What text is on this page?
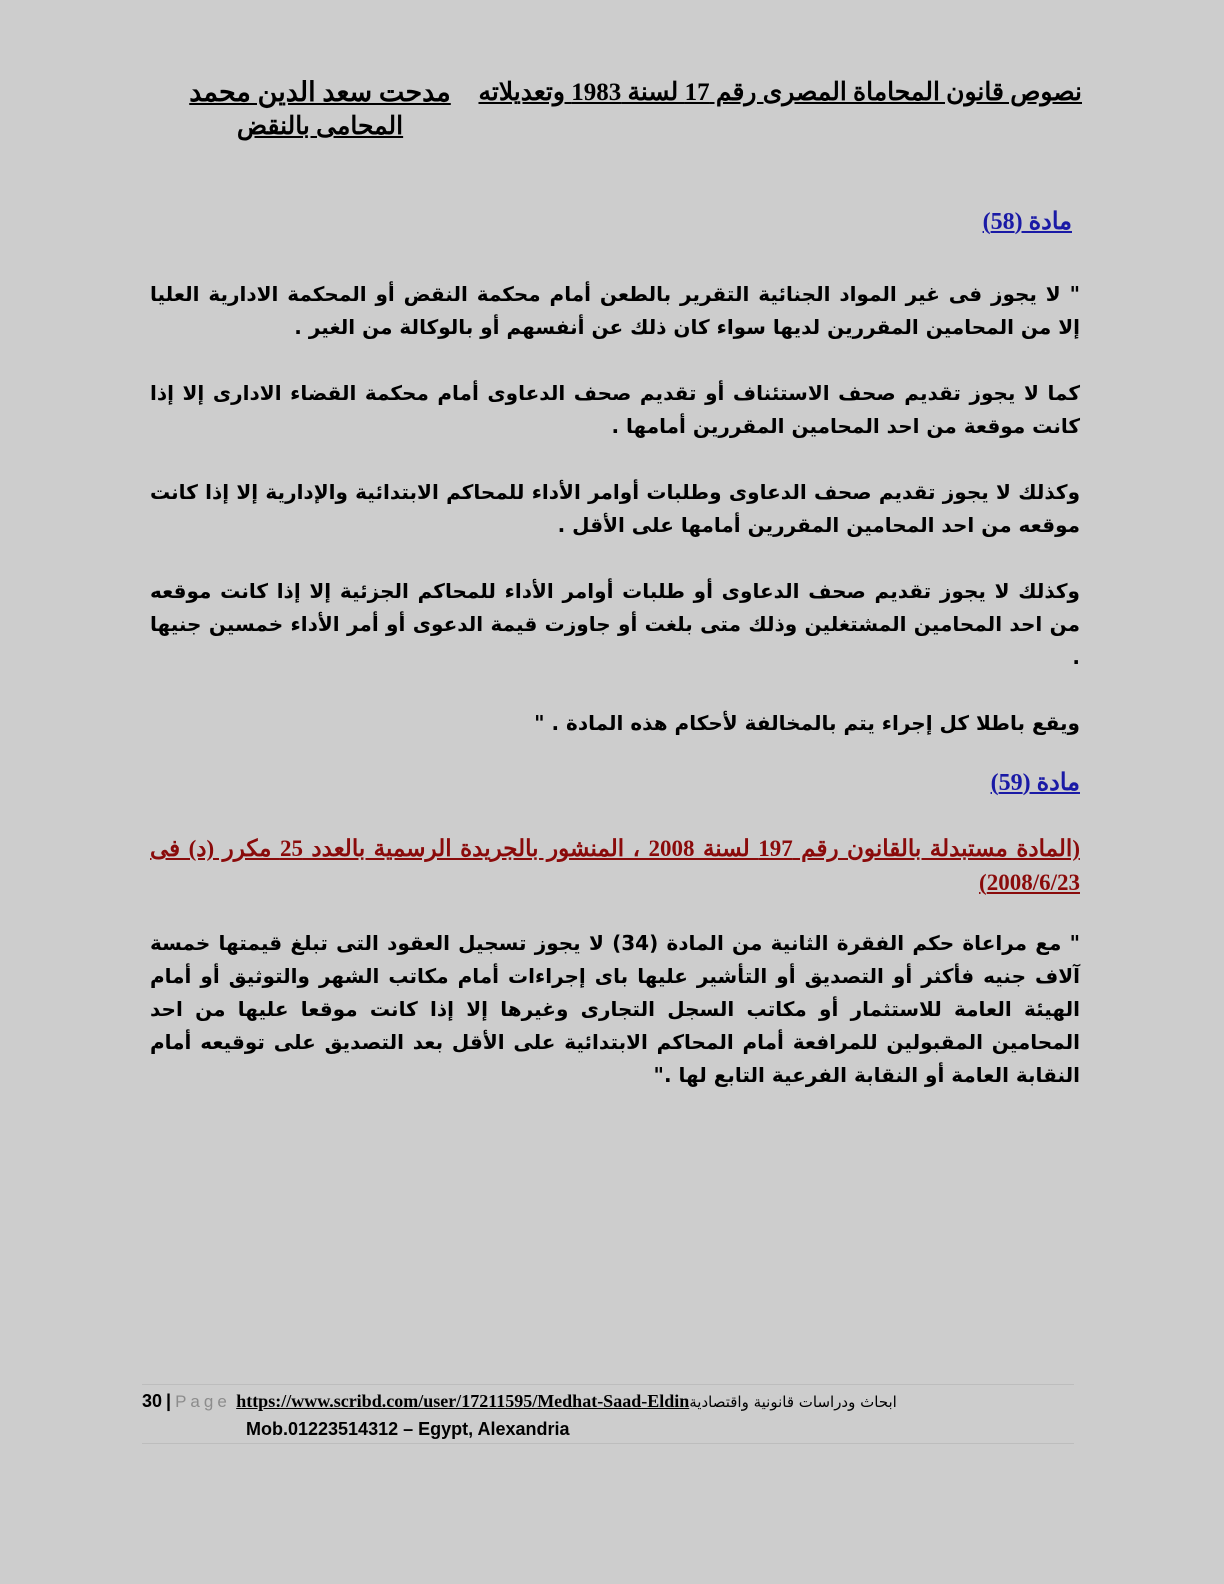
نصوص قانون المحاماة المصرى رقم 17 لسنة 1983 وتعديلاته
مدحت سعد الدين محمد
المحامى بالنقض
مادة (58)

" لا يجوز فى غير المواد الجنائية التقرير بالطعن أمام محكمة النقض أو المحكمة الادارية العليا إلا من المحامين المقررين لديها سواء كان ذلك عن أنفسهم أو بالوكالة من الغير .

كما لا يجوز تقديم صحف الاستئناف أو تقديم صحف الدعاوى أمام محكمة القضاء الادارى إلا إذا كانت موقعة من احد المحامين المقررين أمامها .

وكذلك لا يجوز تقديم صحف الدعاوى وطلبات أوامر الأداء للمحاكم الابتدائية والإدارية إلا إذا كانت موقعه من احد المحامين المقررين أمامها على الأقل .

وكذلك لا يجوز تقديم صحف الدعاوى أو طلبات أوامر الأداء للمحاكم الجزئية إلا إذا كانت موقعه من احد المحامين المشتغلين وذلك متى بلغت أو جاوزت قيمة الدعوى أو أمر الأداء خمسين جنيها .

ويقع باطلا كل إجراء يتم بالمخالفة لأحكام هذه المادة . "

مادة (59)

(المادة مستبدلة بالقانون رقم 197 لسنة 2008 ، المنشور بالجريدة الرسمية بالعدد 25 مكرر (د) فى 2008/6/23)

" مع مراعاة حكم الفقرة الثانية من المادة (34) لا يجوز تسجيل العقود التى تبلغ قيمتها خمسة آلاف جنيه فأكثر أو التصديق أو التأشير عليها باى إجراءات أمام مكاتب الشهر والتوثيق أو أمام الهيئة العامة للاستثمار أو مكاتب السجل التجارى وغيرها إلا إذا كانت موقعا عليها من احد المحامين المقبولين للمرافعة أمام المحاكم الابتدائية على الأقل بعد التصديق على توقيعه أمام النقابة العامة أو النقابة الفرعية التابع لها ."

30 | Page https://www.scribd.com/user/17211595/Medhat-Saad-Eldinابحاث ودراسات قانونية واقتصادية
Mob.01223514312 – Egypt, Alexandria
